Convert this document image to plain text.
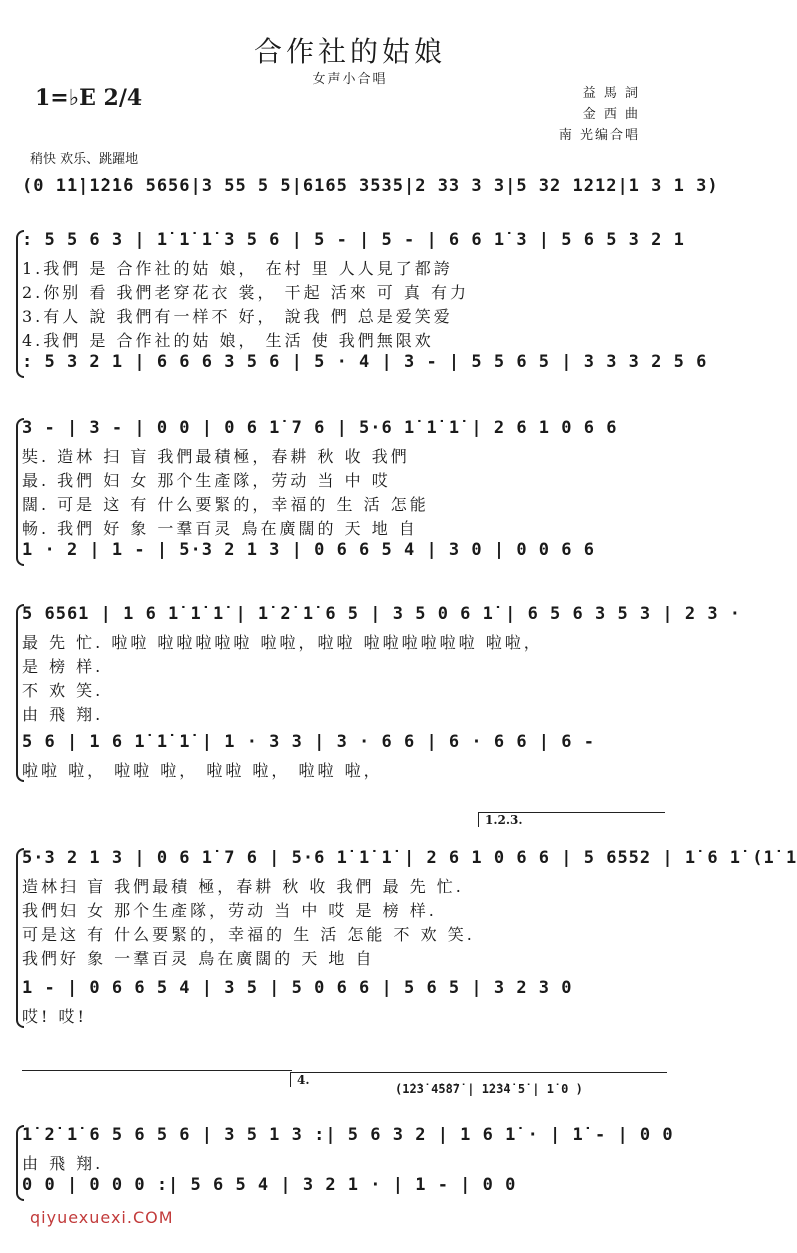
合作社的姑娘
女声小合唱
1=♭E 2/4	益 馬 詞
金 西 曲
南 光编合唱
稍快 欢乐、跳躍地
(0 1̇1̇|1̇2̇1̇6 5656|3 55 5 5|6165 3535|2 33 3 3|5 32 1212|1 3 1 3)
: 5 5 6 3 | 1̇ 1̇ 1̇ 3 5 6 | 5 - | 5 - | 6 6 1̇ 3 | 5 6 5 3 2 1
1.我們 是 合作社的姑 娘， 在村 里 人人見了都誇
2.你别 看 我們老穿花衣 裳， 干起 活來 可 真 有力
3.有人 說 我們有一样不 好， 說我 們 总是爱笑爱
4.我們 是 合作社的姑 娘， 生活 使 我們無限欢
: 5 3 2 1 | 6 6 6 3 5 6 | 5 · 4 | 3 - | 5 5 6 5 | 3 3 3 2 5 6
3 - | 3 - | 0 0 | 0 6 1̇ 7 6 | 5·6 1̇ 1̇ 1̇ | 2 6 1 0 6 6
奘. 造林 扫 盲 我們最積極，春耕 秋 收 我們
最. 我們 妇 女 那个生產隊，劳动 当 中 哎
闊. 可是 这 有 什么要緊的，幸福的 生 活 怎能
畅. 我們 好 象 一羣百灵 鳥在廣闊的 天 地 自
1 · 2 | 1 - | 5·3 2 1 3 | 0 6 6 5 4 | 3 0 | 0 0 6 6
5 6561 | 1 6 1̇ 1̇ 1̇ | 1̇ 2̇ 1̇ 6 5 | 3 5 0 6 1̇ | 6 5 6 3 5 3 | 2 3 ·
最 先 忙. 啦啦 啦啦啦啦啦 啦啦，啦啦 啦啦啦啦啦啦 啦啦，
是 榜 样.
不 欢 笑.
由 飛 翔.
5 6 | 1 6 1̇ 1̇ 1̇ | 1 · 3 3 | 3 · 6 6 | 6 · 6 6 | 6 -
啦啦 啦， 啦啦 啦， 啦啦 啦， 啦啦 啦，
1.2.3.
5·3 2 1 3 | 0 6 1̇ 7 6 | 5·6 1̇ 1̇ 1̇ | 2 6 1 0 6 6 | 5 6552 | 1̇ 6 1̇ (1̇ 1̇
造林扫 盲 我們最積 極，春耕 秋 收 我們 最 先 忙.
我們妇 女 那个生產隊，劳动 当 中 哎 是 榜 样.
可是这 有 什么要緊的，幸福的 生 活 怎能 不 欢 笑.
我們好 象 一羣百灵 鳥在廣闊的 天 地 自
1 - | 0 6 6 5 4 | 3 5 | 5 0 6 6 | 5 6 5 | 3 2 3 0
哎! 哎!
4.
(1̇2̇3̇ 4̇5̇8̇7̇ | 1̇2̇3̇4̇ 5̇ | 1̇ 0 )
1̇ 2̇ 1̇ 6 5 6 5 6 | 3 5 1 3 :| 5 6 3 2 | 1 6 1̇ · | 1̇ - | 0 0
由 飛 翔.
0 0 | 0 0 0 :| 5 6 5 4 | 3 2 1 · | 1 - | 0 0
qiyuexuexi.COM
